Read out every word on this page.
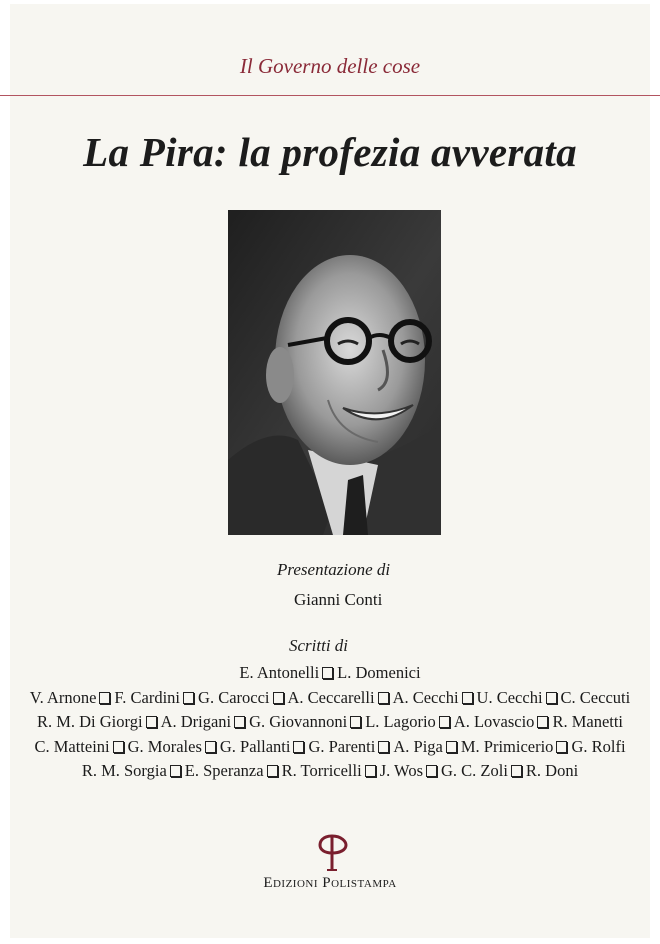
Il Governo delle cose
La Pira: la profezia avverata
Presentazione di
Gianni Conti
Scritti di
E. Antonelli L. Domenici
V. Arnone F. Cardini G. Carocci A. Ceccarelli A. Cecchi U. Cecchi C. Ceccuti
R. M. Di Giorgi A. Drigani G. Giovannoni L. Lagorio A. Lovascio R. Manetti
C. Matteini G. Morales G. Pallanti G. Parenti A. Piga M. Primicerio G. Rolfi
R. M. Sorgia E. Speranza R. Torricelli J. Wos G. C. Zoli R. Doni
Edizioni Polistampa
